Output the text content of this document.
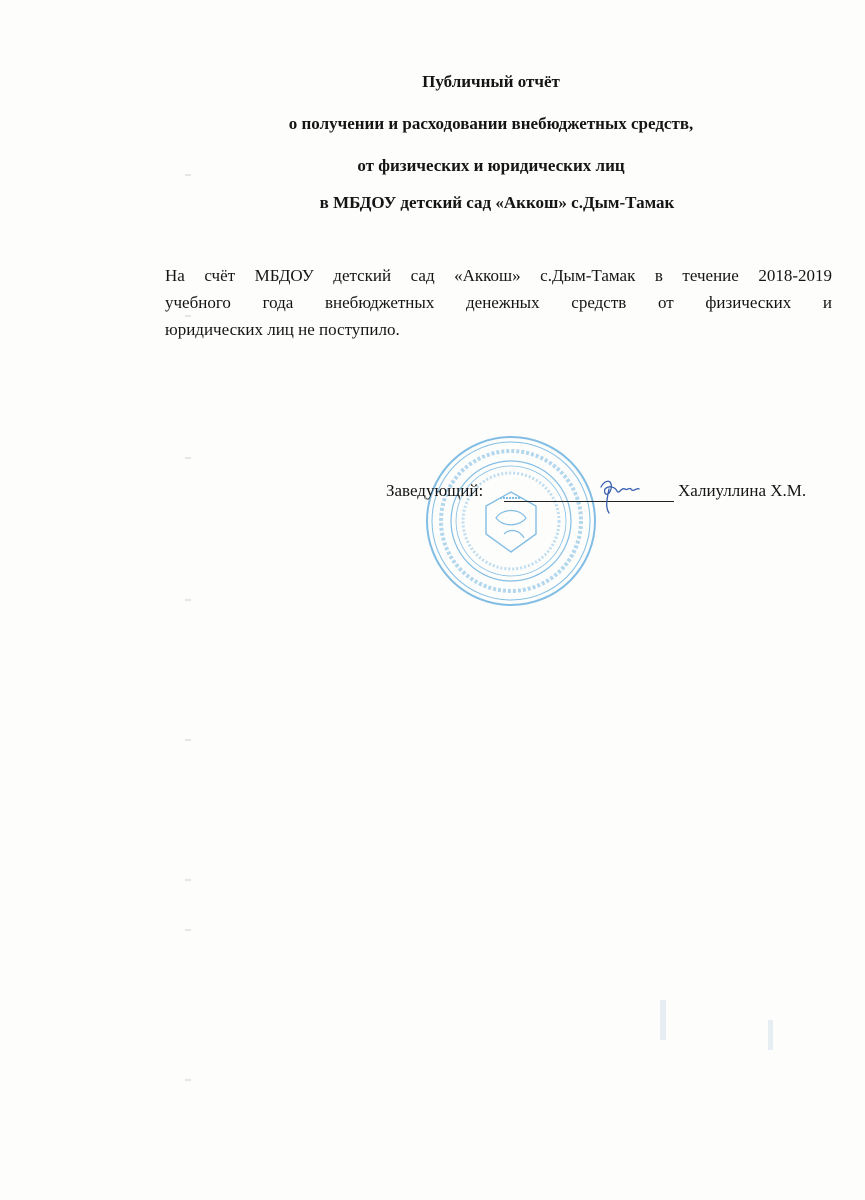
Публичный отчёт
о получении и расходовании внебюджетных средств,
от физических и юридических лиц
в МБДОУ детский сад «Аккош» с.Дым-Тамак
На счёт МБДОУ детский сад «Аккош» с.Дым-Тамак в течение 2018-2019
учебного года внебюджетных денежных средств от физических и
юридических лиц не поступило.
Заведующий:	Халиуллина Х.М.
